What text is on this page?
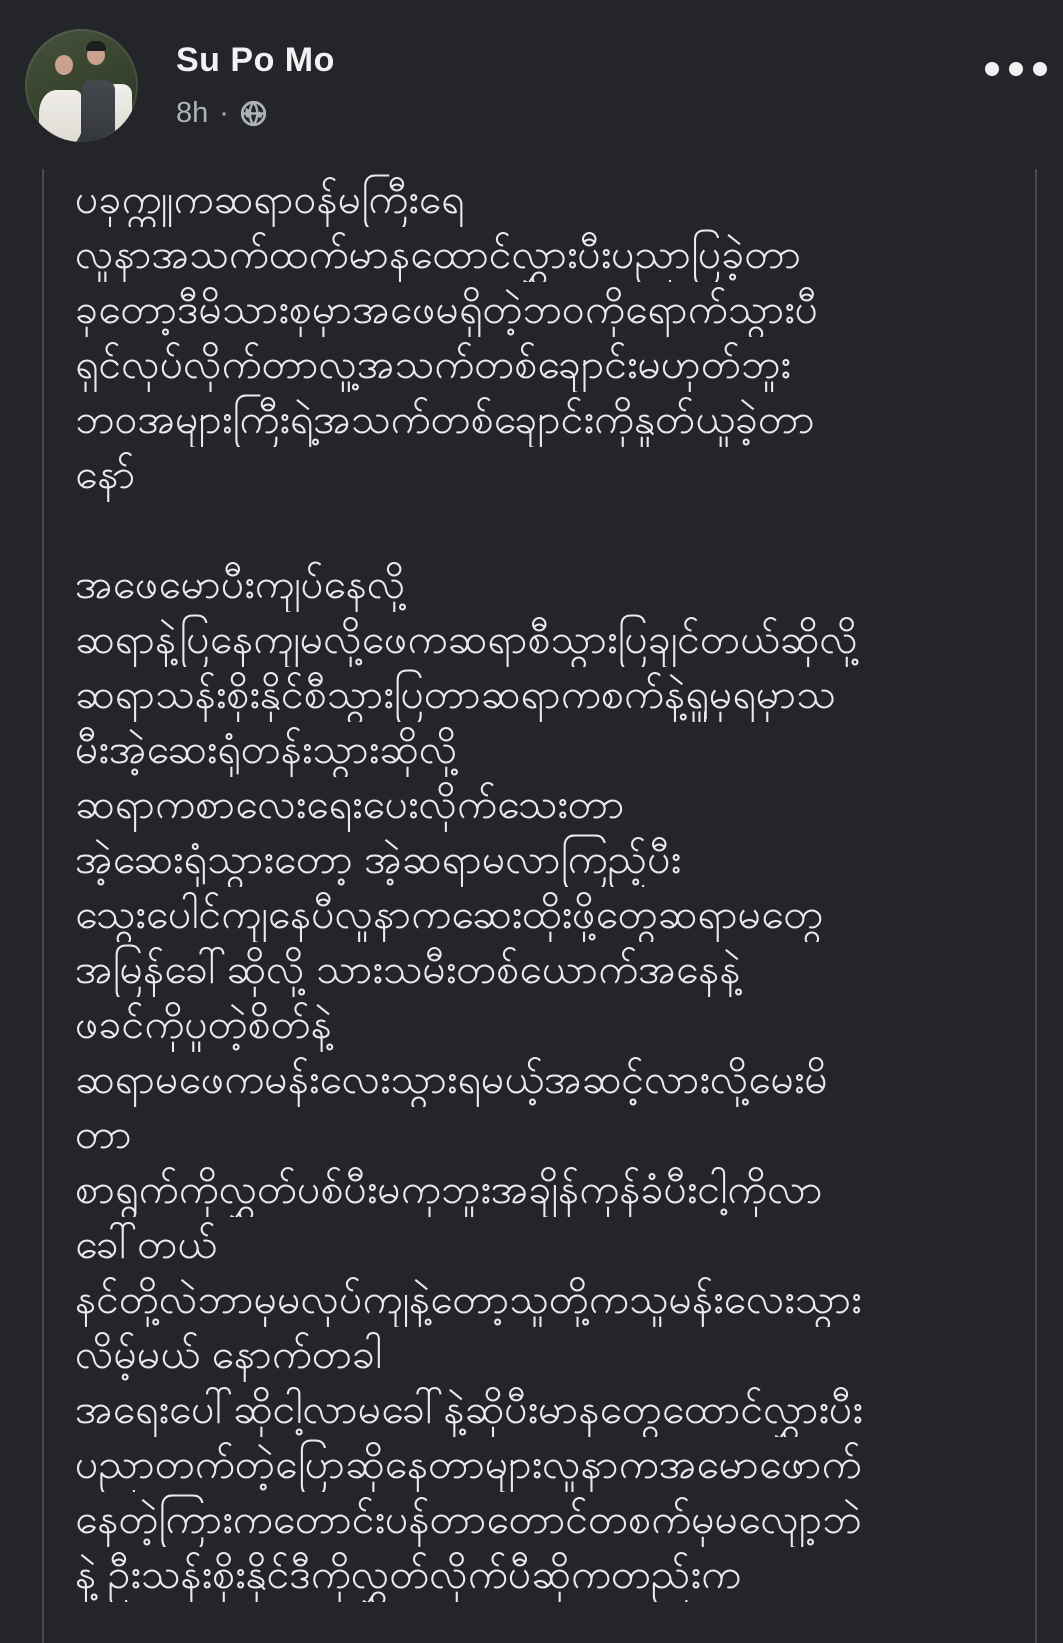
Su Po Mo
8h ·
ပခုက္ကူကဆရာဝန်မကြီးရေ
လူနာအသက်ထက်မာနထောင်လွှားပီးပညာပြခဲ့တာ
ခုတော့ဒီမိသားစုမှာအဖေမရှိတဲ့ဘဝကိုရောက်သွားပီ
ရှင်လုပ်လိုက်တာလူ့အသက်တစ်ချောင်းမဟုတ်ဘူး
ဘဝအများကြီးရဲ့အသက်တစ်ချောင်းကိုနှုတ်ယူခဲ့တာ
နော်
အဖေမောပီးကျပ်နေလို့
ဆရာနဲ့ပြနေကျမလို့ဖေကဆရာစီသွားပြချင်တယ်ဆိုလို့
ဆရာသန်းစိုးနိုင်စီသွားပြတာဆရာကစက်နဲ့ရှူမှရမှာသ
မီးအဲ့ဆေးရုံတန်းသွားဆိုလို့
ဆရာကစာလေးရေးပေးလိုက်သေးတာ
အဲ့ဆေးရုံသွားတော့ အဲ့ဆရာမလာကြည့်ပီး
သွေးပေါင်ကျနေပီလူနာကဆေးထိုးဖို့တွေဆရာမတွေ
အမြန်ခေါ်ဆိုလို့ သားသမီးတစ်ယောက်အနေနဲ့
ဖခင်ကိုပူတဲ့စိတ်နဲ့
ဆရာမဖေကမန်းလေးသွားရမယ့်အဆင့်လားလို့မေးမိ
တာ
စာရွက်ကိုလွှတ်ပစ်ပီးမကုဘူးအချိန်ကုန်ခံပီးငါ့ကိုလာ
ခေါ်တယ်
နင်တို့လဲဘာမှမလုပ်ကျနဲ့တော့သူတို့ကသူမန်းလေးသွား
လိမ့်မယ် နောက်တခါ
အရေးပေါ်ဆိုငါ့လာမခေါ်နဲ့ဆိုပီးမာနတွေထောင်လွှားပီး
ပညာတက်တဲ့ပြောဆိုနေတာများလူနာကအမောဖောက်
နေတဲ့ကြားကတောင်းပန်တာတောင်တစက်မှမလျော့ဘဲ
နဲ့ ဦးသန်းစိုးနိုင်ဒီကိုလွှတ်လိုက်ပီဆိုကတည်းက
